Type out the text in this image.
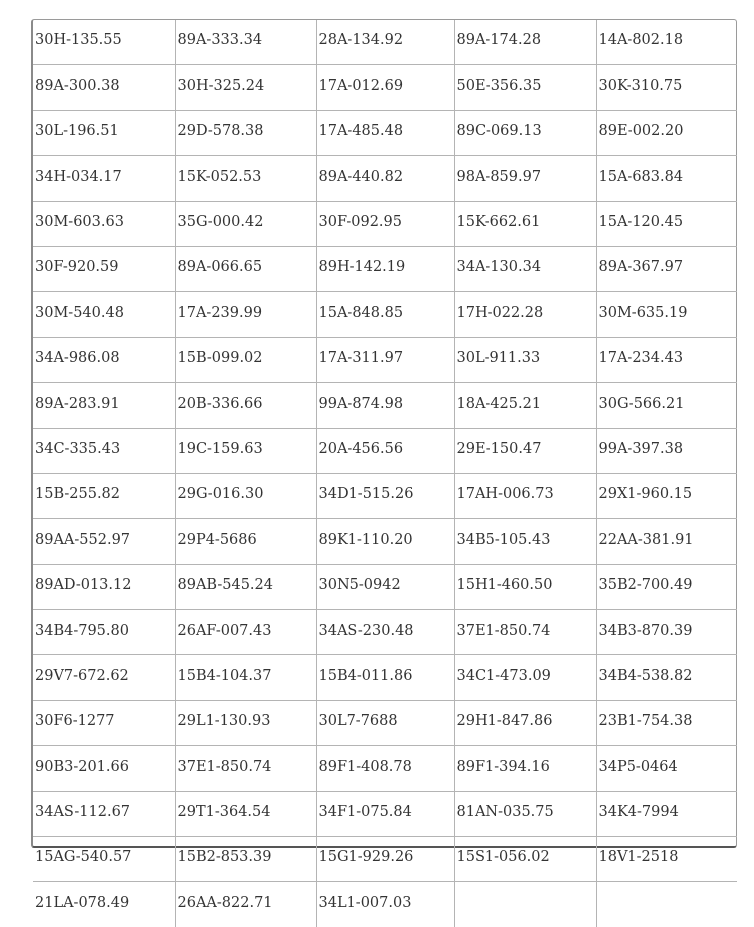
30H-135.55	89A-333.34	28A-134.92	89A-174.28	14A-802.18
89A-300.38	30H-325.24	17A-012.69	50E-356.35	30K-310.75
30L-196.51	29D-578.38	17A-485.48	89C-069.13	89E-002.20
34H-034.17	15K-052.53	89A-440.82	98A-859.97	15A-683.84
30M-603.63	35G-000.42	30F-092.95	15K-662.61	15A-120.45
30F-920.59	89A-066.65	89H-142.19	34A-130.34	89A-367.97
30M-540.48	17A-239.99	15A-848.85	17H-022.28	30M-635.19
34A-986.08	15B-099.02	17A-311.97	30L-911.33	17A-234.43
89A-283.91	20B-336.66	99A-874.98	18A-425.21	30G-566.21
34C-335.43	19C-159.63	20A-456.56	29E-150.47	99A-397.38
15B-255.82	29G-016.30	34D1-515.26	17AH-006.73	29X1-960.15
89AA-552.97	29P4-5686	89K1-110.20	34B5-105.43	22AA-381.91
89AD-013.12	89AB-545.24	30N5-0942	15H1-460.50	35B2-700.49
34B4-795.80	26AF-007.43	34AS-230.48	37E1-850.74	34B3-870.39
29V7-672.62	15B4-104.37	15B4-011.86	34C1-473.09	34B4-538.82
30F6-1277	29L1-130.93	30L7-7688	29H1-847.86	23B1-754.38
90B3-201.66	37E1-850.74	89F1-408.78	89F1-394.16	34P5-0464
34AS-112.67	29T1-364.54	34F1-075.84	81AN-035.75	34K4-7994
15AG-540.57	15B2-853.39	15G1-929.26	15S1-056.02	18V1-2518
21LA-078.49	26AA-822.71	34L1-007.03		
